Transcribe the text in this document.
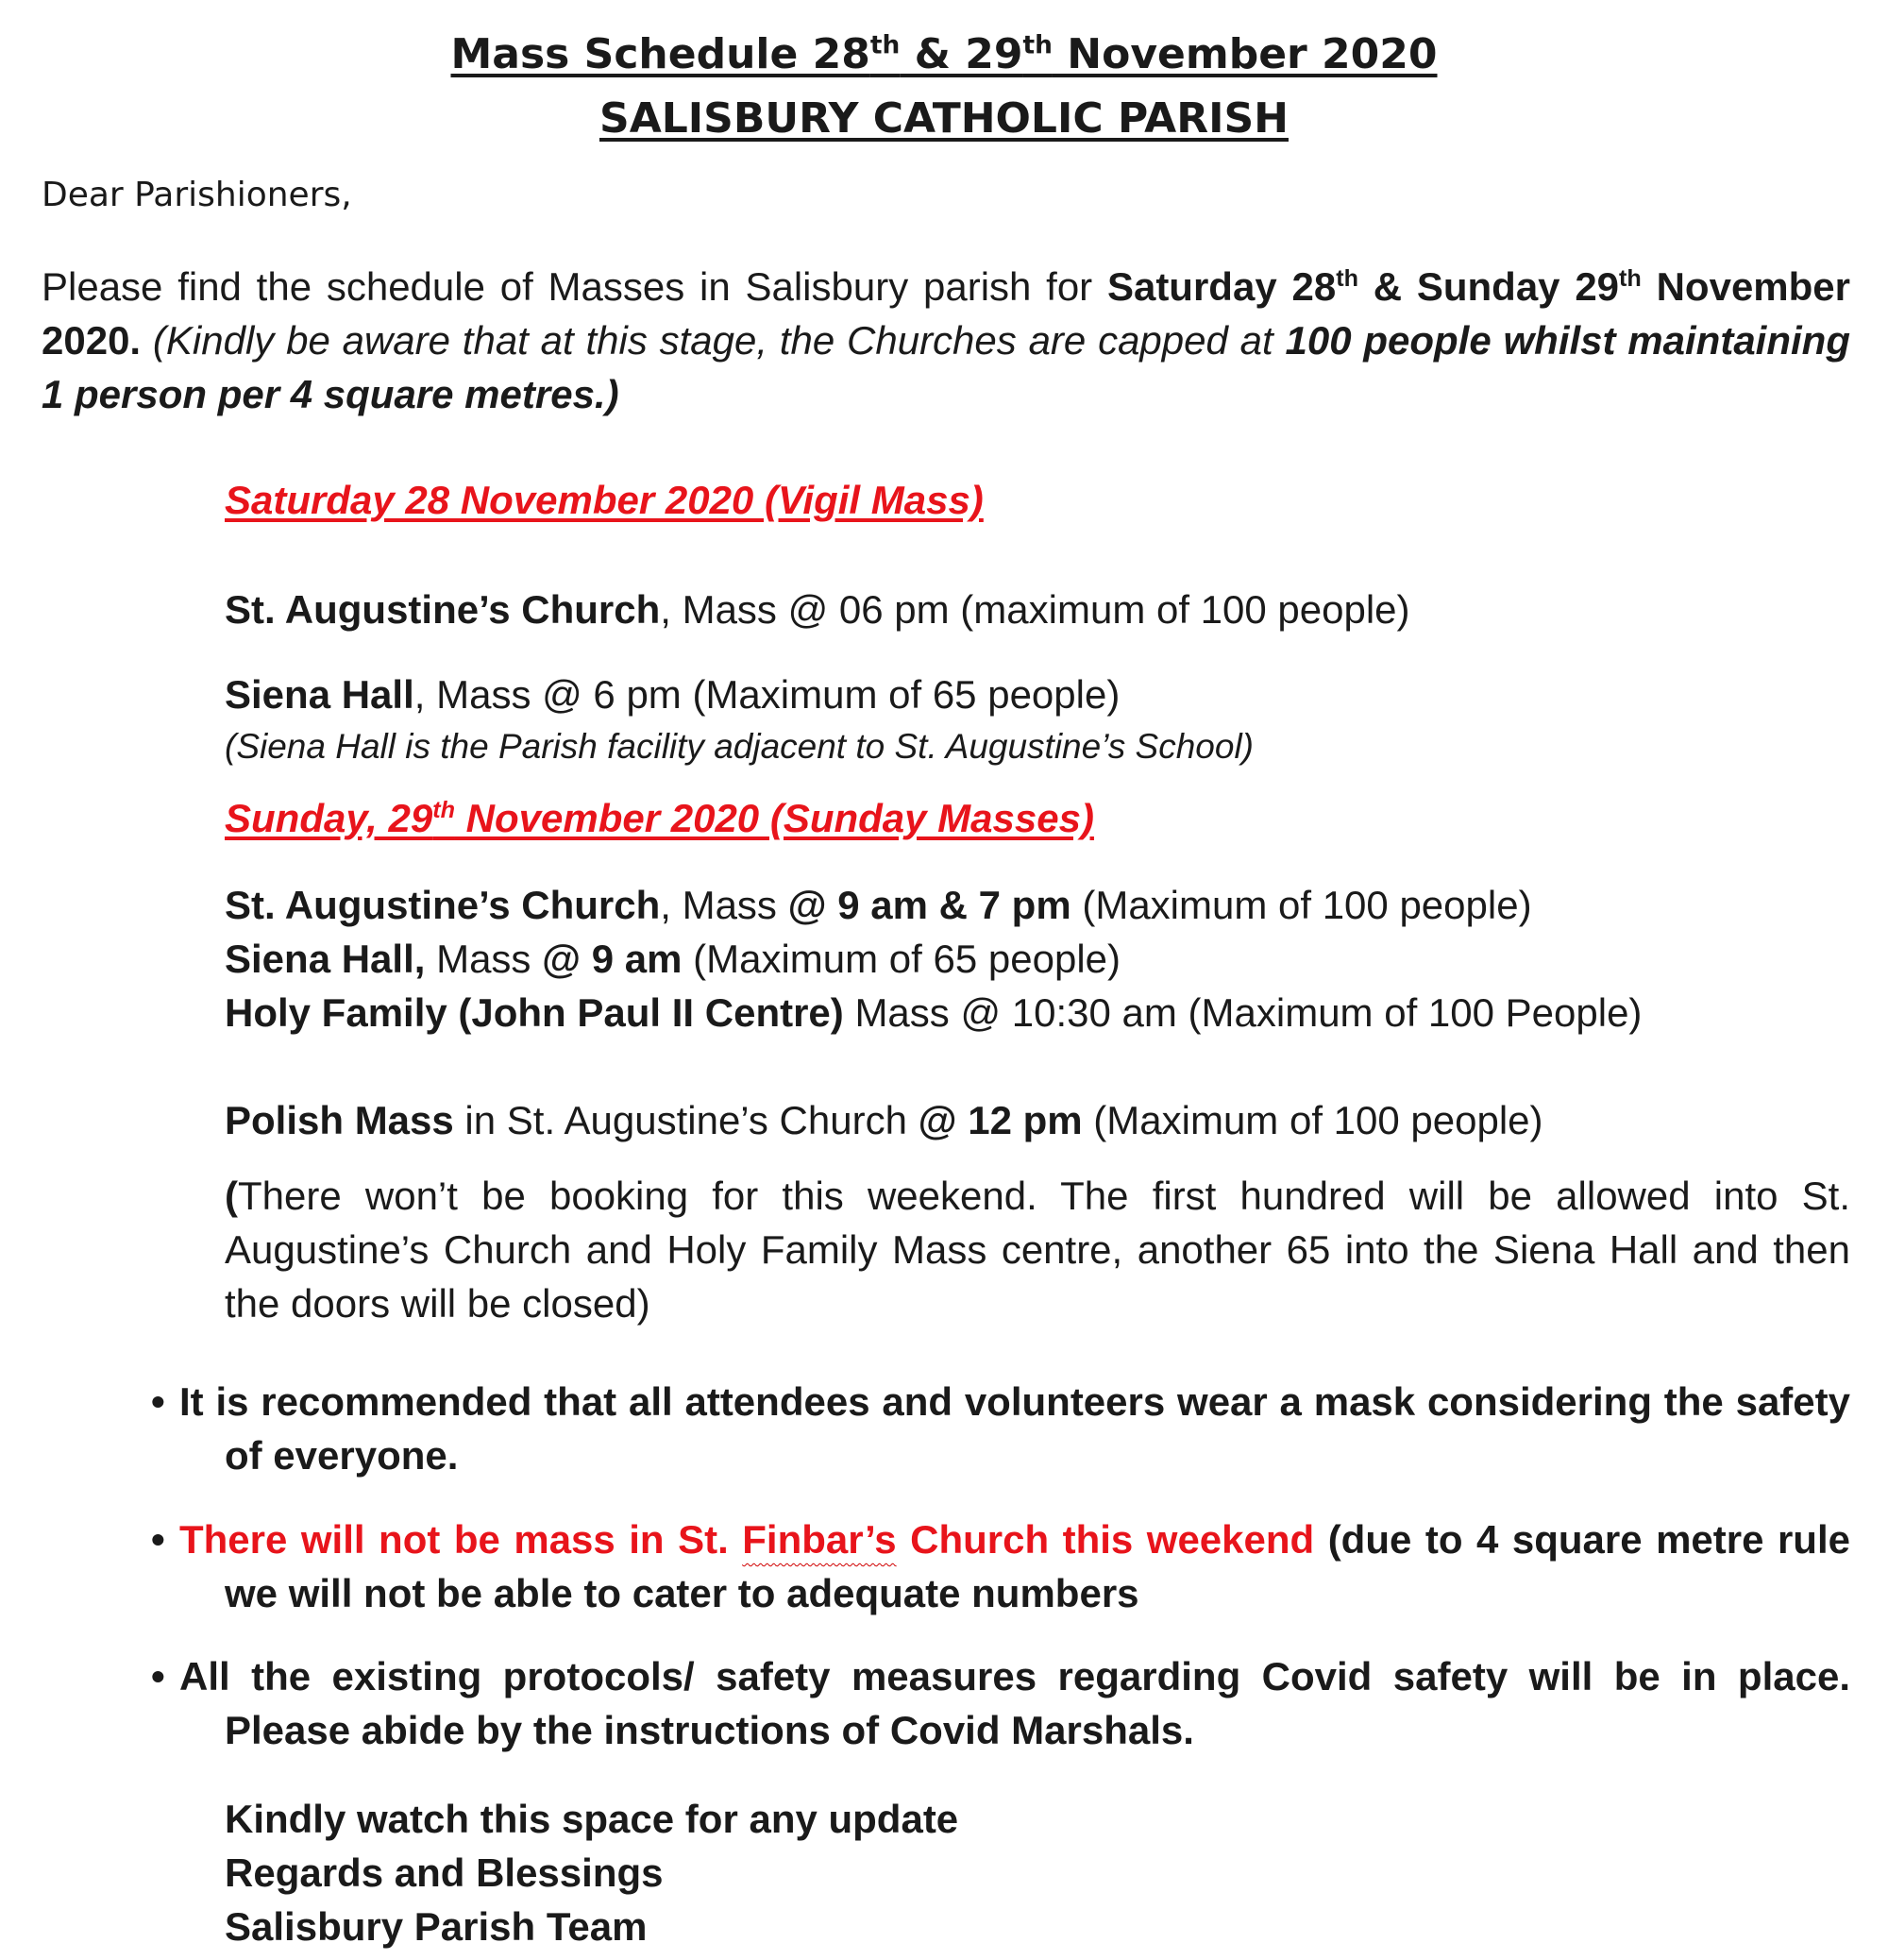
Mass Schedule 28th & 29th November 2020
SALISBURY CATHOLIC PARISH
Dear Parishioners,
Please find the schedule of Masses in Salisbury parish for Saturday 28th & Sunday 29th November 2020. (Kindly be aware that at this stage, the Churches are capped at 100 people whilst maintaining 1 person per 4 square metres.)
Saturday 28 November 2020 (Vigil Mass)
St. Augustine’s Church, Mass @ 06 pm (maximum of 100 people)
Siena Hall, Mass @ 6 pm (Maximum of 65 people)
(Siena Hall is the Parish facility adjacent to St. Augustine’s School)
Sunday, 29th November 2020 (Sunday Masses)
St. Augustine’s Church, Mass @ 9 am & 7 pm (Maximum of 100 people)
Siena Hall, Mass @ 9 am (Maximum of 65 people)
Holy Family (John Paul II Centre) Mass @ 10:30 am (Maximum of 100 People)
Polish Mass in St. Augustine’s Church @ 12 pm (Maximum of 100 people)
(There won’t be booking for this weekend. The first hundred will be allowed into St. Augustine’s Church and Holy Family Mass centre, another 65 into the Siena Hall and then the doors will be closed)
• It is recommended that all attendees and volunteers wear a mask considering the safety of everyone.
• There will not be mass in St. Finbar’s Church this weekend (due to 4 square metre rule we will not be able to cater to adequate numbers
• All the existing protocols/ safety measures regarding Covid safety will be in place. Please abide by the instructions of Covid Marshals.
Kindly watch this space for any update
Regards and Blessings
Salisbury Parish Team
